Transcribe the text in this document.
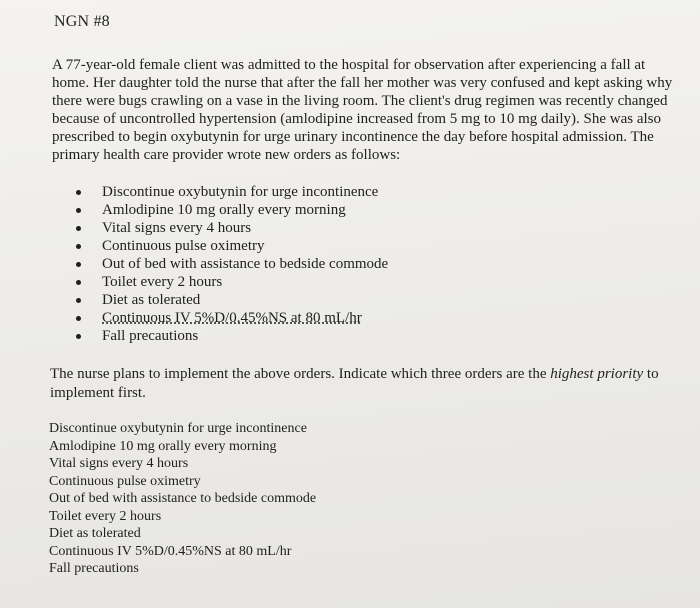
NGN #8

A 77-year-old female client was admitted to the hospital for observation after experiencing a fall at home. Her daughter told the nurse that after the fall her mother was very confused and kept asking why there were bugs crawling on a vase in the living room. The client's drug regimen was recently changed because of uncontrolled hypertension (amlodipine increased from 5 mg to 10 mg daily). She was also prescribed to begin oxybutynin for urge urinary incontinence the day before hospital admission. The primary health care provider wrote new orders as follows:

Discontinue oxybutynin for urge incontinence
Amlodipine 10 mg orally every morning
Vital signs every 4 hours
Continuous pulse oximetry
Out of bed with assistance to bedside commode
Toilet every 2 hours
Diet as tolerated
Continuous IV 5%D/0.45%NS at 80 mL/hr
Fall precautions

The nurse plans to implement the above orders. Indicate which three orders are the highest priority to implement first.

Discontinue oxybutynin for urge incontinence
Amlodipine 10 mg orally every morning
Vital signs every 4 hours
Continuous pulse oximetry
Out of bed with assistance to bedside commode
Toilet every 2 hours
Diet as tolerated
Continuous IV 5%D/0.45%NS at 80 mL/hr
Fall precautions
